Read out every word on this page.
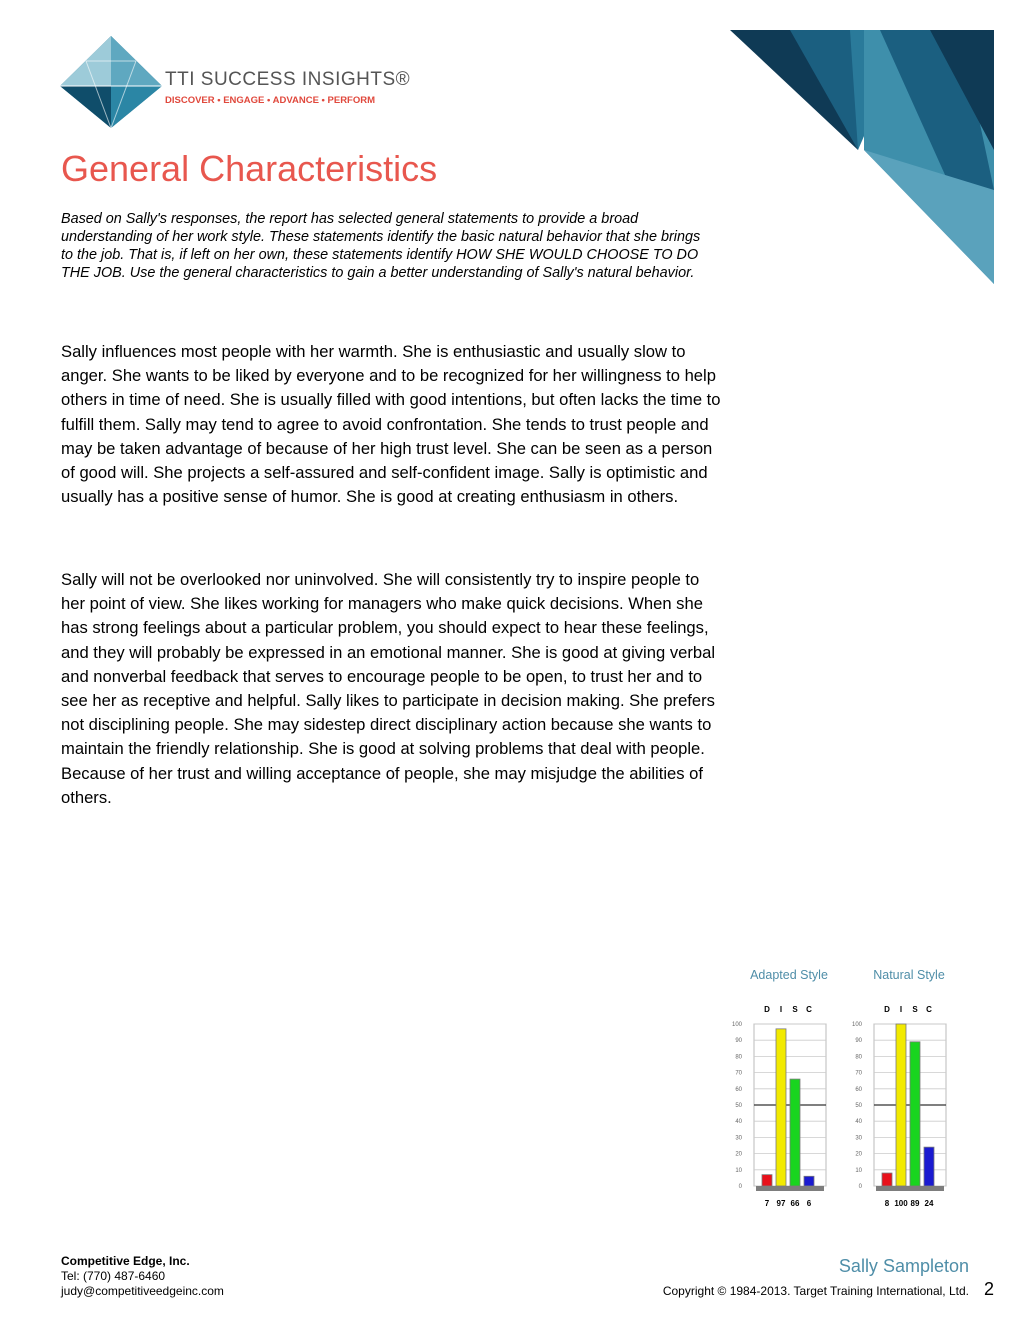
TTI SUCCESS INSIGHTS®
DISCOVER • ENGAGE • ADVANCE • PERFORM
General Characteristics
Based on Sally's responses, the report has selected general statements to provide a broad understanding of her work style. These statements identify the basic natural behavior that she brings to the job. That is, if left on her own, these statements identify HOW SHE WOULD CHOOSE TO DO THE JOB. Use the general characteristics to gain a better understanding of Sally's natural behavior.
Sally influences most people with her warmth. She is enthusiastic and usually slow to anger. She wants to be liked by everyone and to be recognized for her willingness to help others in time of need. She is usually filled with good intentions, but often lacks the time to fulfill them. Sally may tend to agree to avoid confrontation. She tends to trust people and may be taken advantage of because of her high trust level. She can be seen as a person of good will. She projects a self-assured and self-confident image. Sally is optimistic and usually has a positive sense of humor. She is good at creating enthusiasm in others.
Sally will not be overlooked nor uninvolved. She will consistently try to inspire people to her point of view. She likes working for managers who make quick decisions. When she has strong feelings about a particular problem, you should expect to hear these feelings, and they will probably be expressed in an emotional manner. She is good at giving verbal and nonverbal feedback that serves to encourage people to be open, to trust her and to see her as receptive and helpful. Sally likes to participate in decision making. She prefers not disciplining people. She may sidestep direct disciplinary action because she wants to maintain the friendly relationship. She is good at solving problems that deal with people. Because of her trust and willing acceptance of people, she may misjudge the abilities of others.
Adapted Style	Natural Style
0
10
20
30
40
50
60
70
80
90
100
D
7
I
97
S
66
C
6
0
10
20
30
40
50
60
70
80
90
100
D
8
I
100
S
89
C
24
Competitive Edge, Inc.
Tel: (770) 487-6460
judy@competitiveedgeinc.com
Sally Sampleton
Copyright © 1984-2013. Target Training International, Ltd. 2
